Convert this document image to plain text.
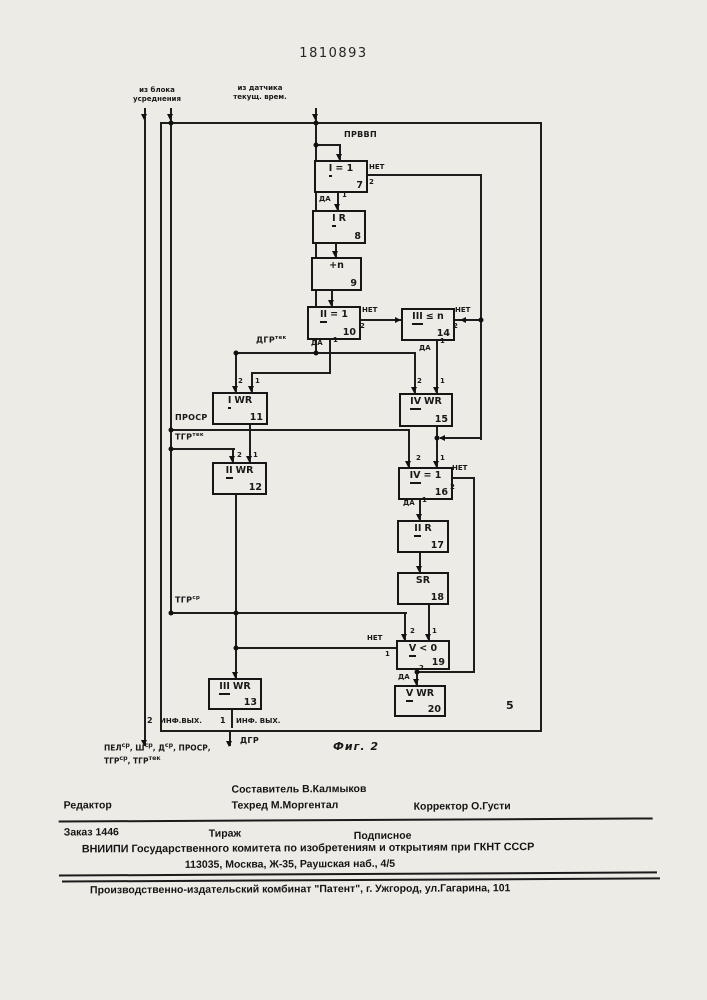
1810893
из блока
усреднения
из датчика
текущ. врем.
5
I = 1
7
I R
8
+n
9
II = 1
10
III ≤ n
14
I WR
11
IV WR
15
II WR
12
IV = 1
16
II R
17
SR
18
V < 0
19
V WR
20
III WR
13
ПРВВП
$ДГР^{тек}$
ПРОСР
$ТГР^{тек}$
$ТГР^{ср}$
НЕТ
2
ДА 1
НЕТ
2
ДА 1
НЕТ
2
ДА
1
2 1	2	1
2 1	2	1
НЕТ
2
ДА 1
2 1
НЕТ
1
ДА
2
2 ИНФ.ВЫХ. 1 ИНФ. ВЫХ.
ДГР
$ПЕЛ^{ср}$, $Ш^{ср}$, $Д^{ср}$, ПРОСР,
$ТГР^{ср}$, $ТГР^{тек}$
Фиг. 2
Составитель В.Калмыков
Редактор	Техред М.Моргентал	Корректор О.Густи
Заказ 1446	Тираж	Подписное
ВНИИПИ Государственного комитета по изобретениям и открытиям при ГКНТ СССР
113035, Москва, Ж-35, Раушская наб., 4/5
Производственно-издательский комбинат "Патент", г. Ужгород, ул.Гагарина, 101
